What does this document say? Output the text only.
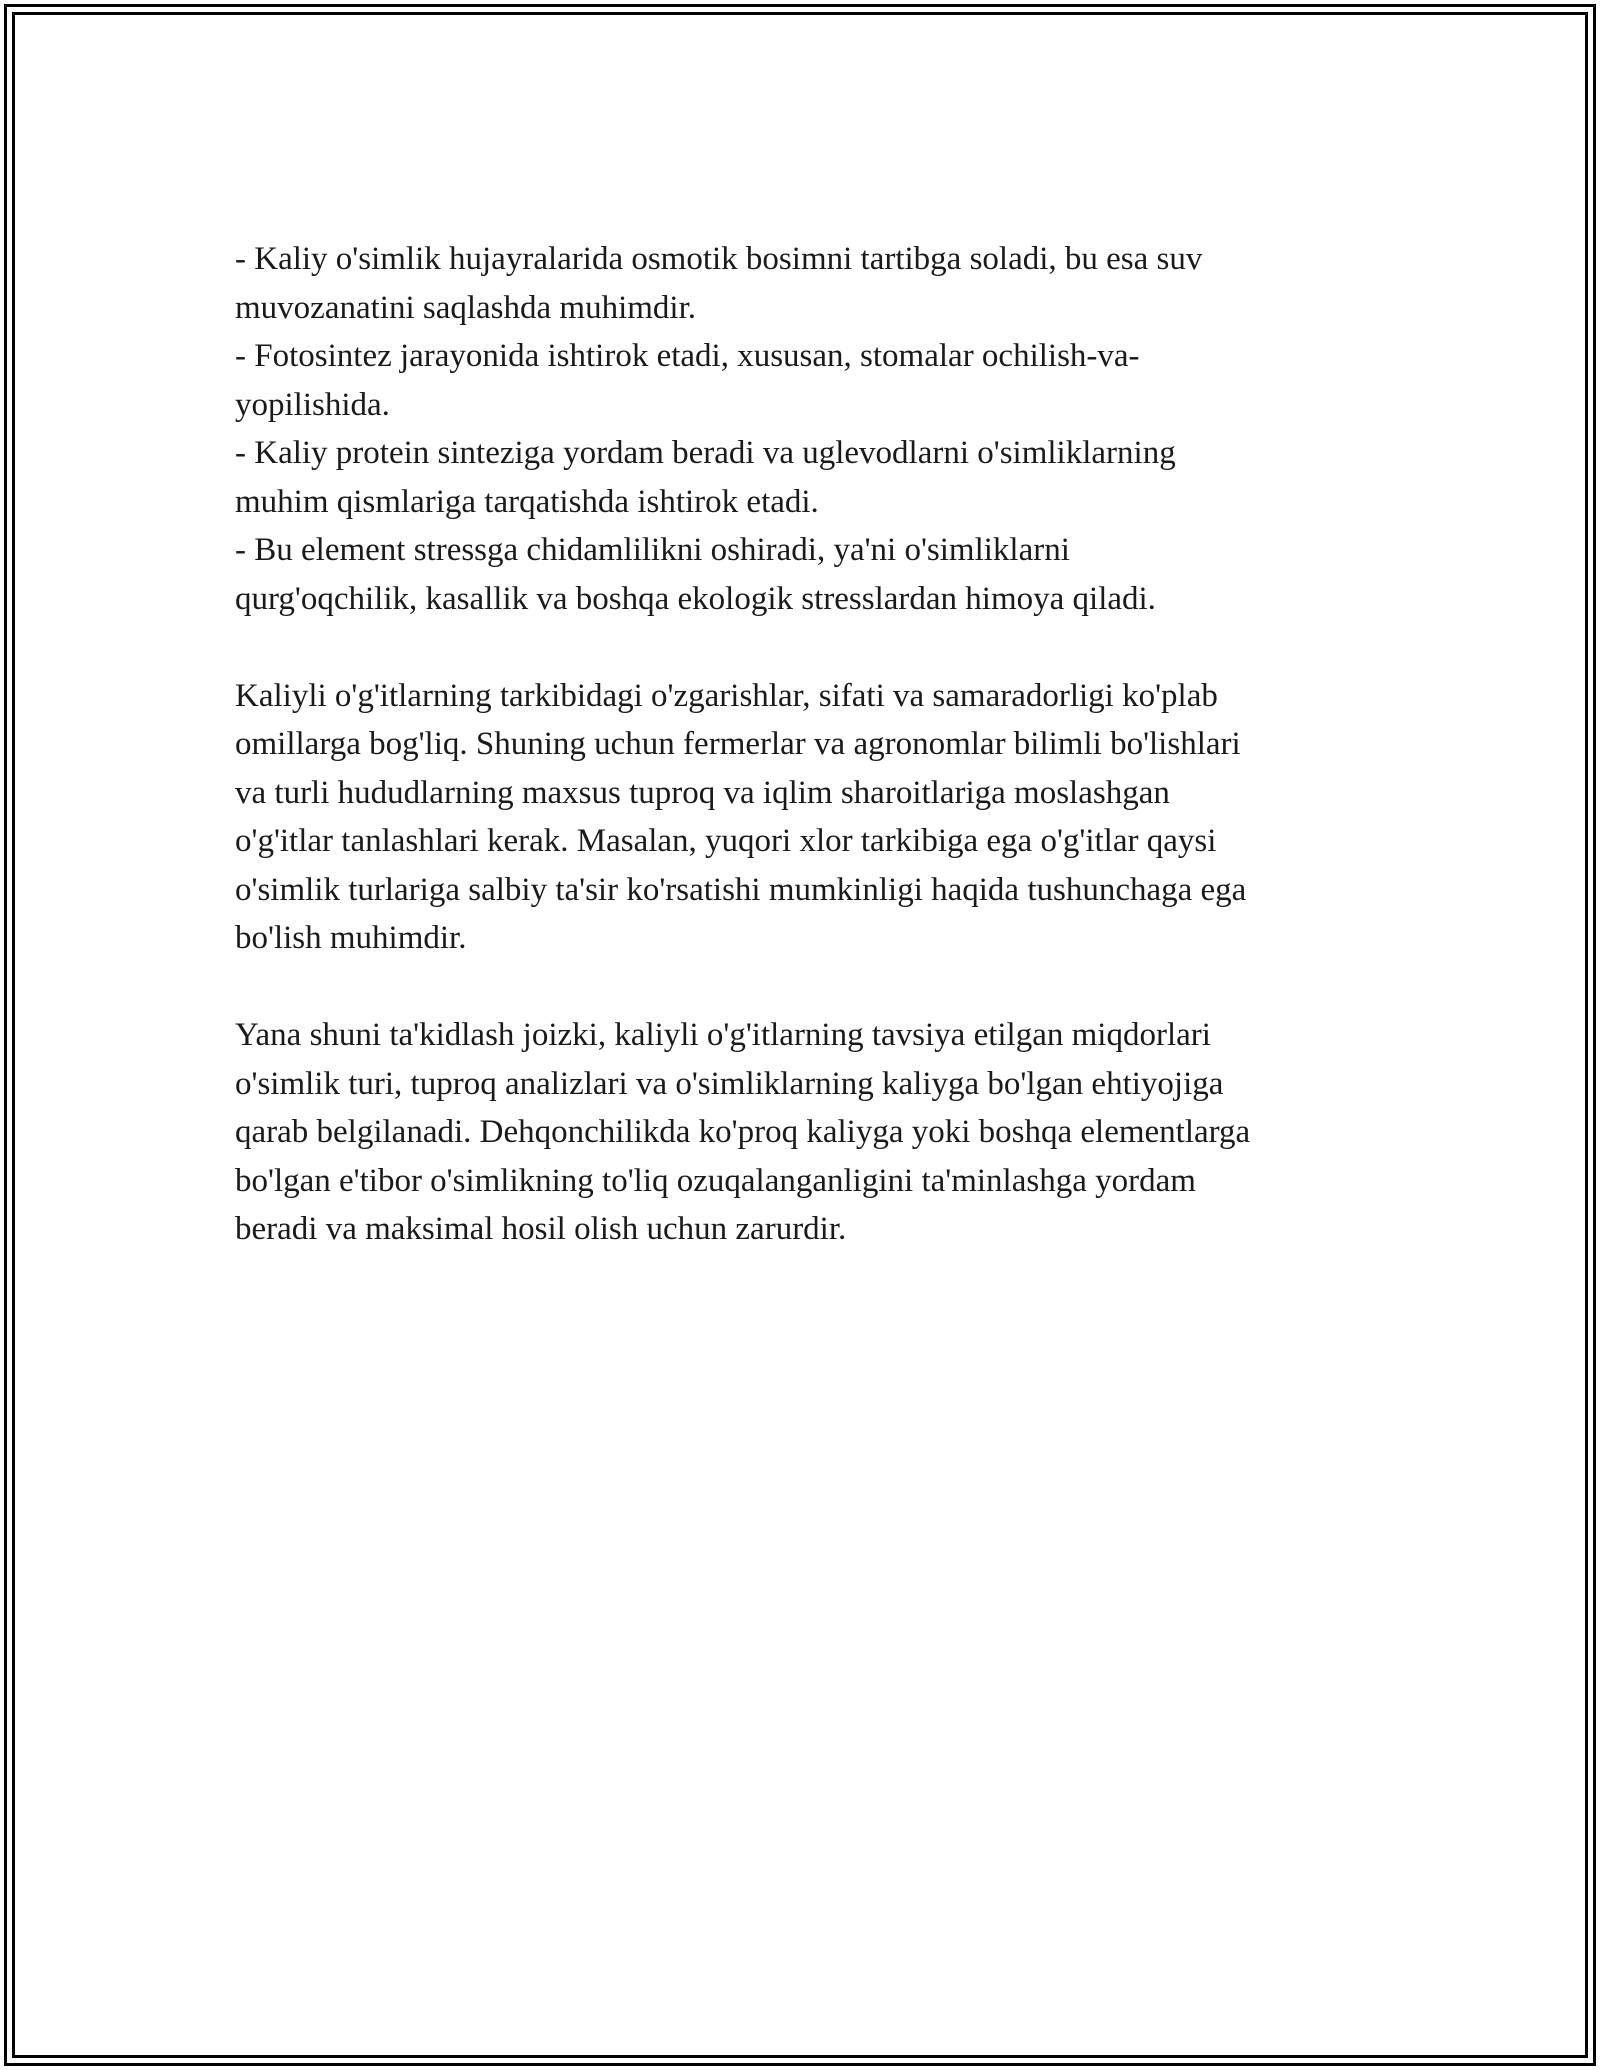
- Kaliy o'simlik hujayralarida osmotik bosimni tartibga soladi, bu esa suv
muvozanatini saqlashda muhimdir.

- Fotosintez jarayonida ishtirok etadi, xususan, stomalar ochilish-va-
yopilishida.

- Kaliy protein sinteziga yordam beradi va uglevodlarni o'simliklarning
muhim qismlariga tarqatishda ishtirok etadi.

- Bu element stressga chidamlilikni oshiradi, ya'ni o'simliklarni
qurg'oqchilik, kasallik va boshqa ekologik stresslardan himoya qiladi.

Kaliyli o'g'itlarning tarkibidagi o'zgarishlar, sifati va samaradorligi ko'plab
omillarga bog'liq. Shuning uchun fermerlar va agronomlar bilimli bo'lishlari
va turli hududlarning maxsus tuproq va iqlim sharoitlariga moslashgan
o'g'itlar tanlashlari kerak. Masalan, yuqori xlor tarkibiga ega o'g'itlar qaysi
o'simlik turlariga salbiy ta'sir ko'rsatishi mumkinligi haqida tushunchaga ega
bo'lish muhimdir.

Yana shuni ta'kidlash joizki, kaliyli o'g'itlarning tavsiya etilgan miqdorlari
o'simlik turi, tuproq analizlari va o'simliklarning kaliyga bo'lgan ehtiyojiga
qarab belgilanadi. Dehqonchilikda ko'proq kaliyga yoki boshqa elementlarga
bo'lgan e'tibor o'simlikning to'liq ozuqalanganligini ta'minlashga yordam
beradi va maksimal hosil olish uchun zarurdir.
